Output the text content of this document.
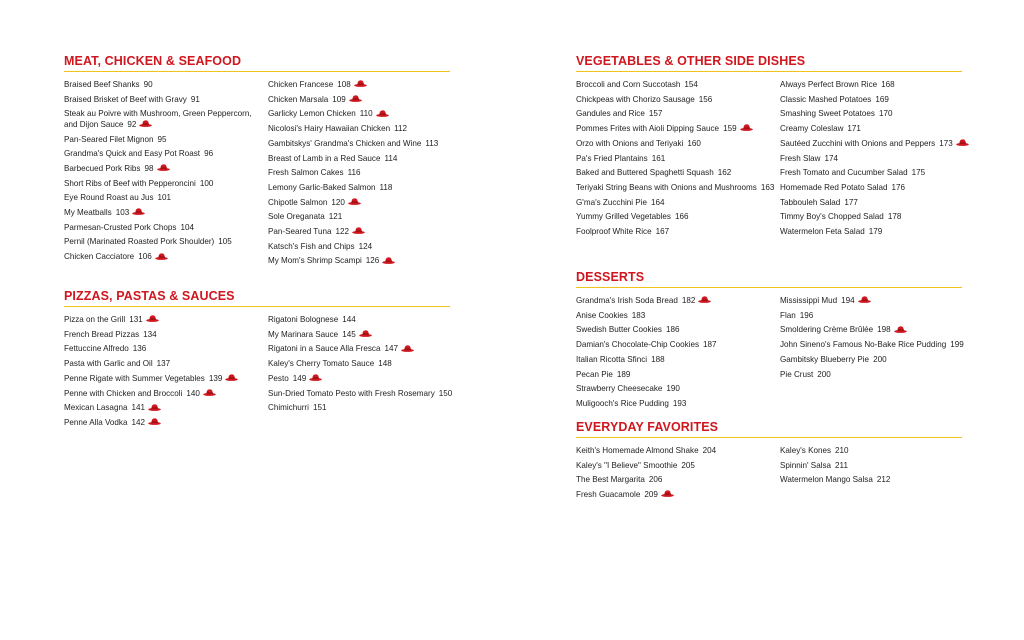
MEAT, CHICKEN & SEAFOOD
Braised Beef Shanks 90
Braised Brisket of Beef with Gravy 91
Steak au Poivre with Mushroom, Green Peppercorn, and Dijon Sauce 92
Pan-Seared Filet Mignon 95
Grandma's Quick and Easy Pot Roast 96
Barbecued Pork Ribs 98
Short Ribs of Beef with Pepperoncini 100
Eye Round Roast au Jus 101
My Meatballs 103
Parmesan-Crusted Pork Chops 104
Pernil (Marinated Roasted Pork Shoulder) 105
Chicken Cacciatore 106
Chicken Francese 108
Chicken Marsala 109
Garlicky Lemon Chicken 110
Nicolosi's Hairy Hawaiian Chicken 112
Gambitskys' Grandma's Chicken and Wine 113
Breast of Lamb in a Red Sauce 114
Fresh Salmon Cakes 116
Lemony Garlic-Baked Salmon 118
Chipotle Salmon 120
Sole Oreganata 121
Pan-Seared Tuna 122
Katsch's Fish and Chips 124
My Mom's Shrimp Scampi 126
PIZZAS, PASTAS & SAUCES
Pizza on the Grill 131
French Bread Pizzas 134
Fettuccine Alfredo 136
Pasta with Garlic and Oil 137
Penne Rigate with Summer Vegetables 139
Penne with Chicken and Broccoli 140
Mexican Lasagna 141
Penne Alla Vodka 142
Rigatoni Bolognese 144
My Marinara Sauce 145
Rigatoni in a Sauce Alla Fresca 147
Kaley's Cherry Tomato Sauce 148
Pesto 149
Sun-Dried Tomato Pesto with Fresh Rosemary 150
Chimichurri 151
VEGETABLES & OTHER SIDE DISHES
Broccoli and Corn Succotash 154
Chickpeas with Chorizo Sausage 156
Gandules and Rice 157
Pommes Frites with Aioli Dipping Sauce 159
Orzo with Onions and Teriyaki 160
Pa's Fried Plantains 161
Baked and Buttered Spaghetti Squash 162
Teriyaki String Beans with Onions and Mushrooms 163
G'ma's Zucchini Pie 164
Yummy Grilled Vegetables 166
Foolproof White Rice 167
Always Perfect Brown Rice 168
Classic Mashed Potatoes 169
Smashing Sweet Potatoes 170
Creamy Coleslaw 171
Sautéed Zucchini with Onions and Peppers 173
Fresh Slaw 174
Fresh Tomato and Cucumber Salad 175
Homemade Red Potato Salad 176
Tabbouleh Salad 177
Timmy Boy's Chopped Salad 178
Watermelon Feta Salad 179
DESSERTS
Grandma's Irish Soda Bread 182
Anise Cookies 183
Swedish Butter Cookies 186
Damian's Chocolate-Chip Cookies 187
Italian Ricotta Sfinci 188
Pecan Pie 189
Strawberry Cheesecake 190
Muligooch's Rice Pudding 193
Mississippi Mud 194
Flan 196
Smoldering Crème Brûlée 198
John Sineno's Famous No-Bake Rice Pudding 199
Gambitsky Blueberry Pie 200
Pie Crust 200
EVERYDAY FAVORITES
Keith's Homemade Almond Shake 204
Kaley's "I Believe" Smoothie 205
The Best Margarita 206
Fresh Guacamole 209
Kaley's Kones 210
Spinnin' Salsa 211
Watermelon Mango Salsa 212
